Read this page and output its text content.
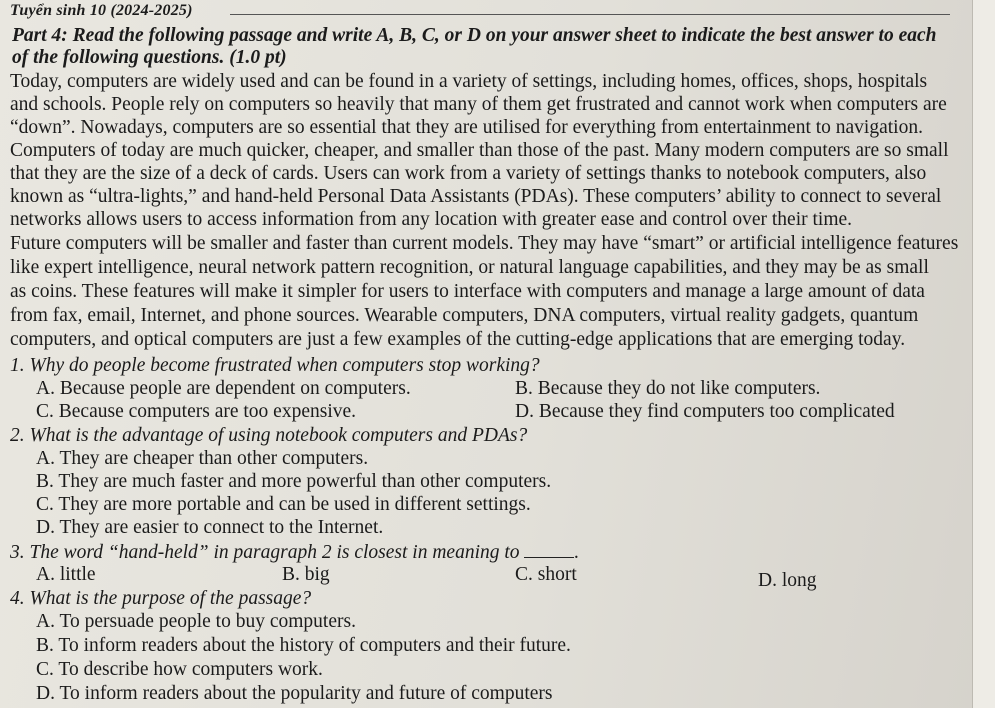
Tuyển sinh 10 (2024-2025)
Part 4: Read the following passage and write A, B, C, or D on your answer sheet to indicate the best answer to each
of the following questions. (1.0 pt)
Today, computers are widely used and can be found in a variety of settings, including homes, offices, shops, hospitals
and schools. People rely on computers so heavily that many of them get frustrated and cannot work when computers are
“down”. Nowadays, computers are so essential that they are utilised for everything from entertainment to navigation.
Computers of today are much quicker, cheaper, and smaller than those of the past. Many modern computers are so small
that they are the size of a deck of cards. Users can work from a variety of settings thanks to notebook computers, also
known as “ultra-lights,” and hand-held Personal Data Assistants (PDAs). These computers’ ability to connect to several
networks allows users to access information from any location with greater ease and control over their time.
Future computers will be smaller and faster than current models. They may have “smart” or artificial intelligence features
like expert intelligence, neural network pattern recognition, or natural language capabilities, and they may be as small
as coins. These features will make it simpler for users to interface with computers and manage a large amount of data
from fax, email, Internet, and phone sources. Wearable computers, DNA computers, virtual reality gadgets, quantum
computers, and optical computers are just a few examples of the cutting-edge applications that are emerging today.
1. Why do people become frustrated when computers stop working?
A. Because people are dependent on computers.	B. Because they do not like computers.
C. Because computers are too expensive.	D. Because they find computers too complicated
2. What is the advantage of using notebook computers and PDAs?
A. They are cheaper than other computers.
B. They are much faster and more powerful than other computers.
C. They are more portable and can be used in different settings.
D. They are easier to connect to the Internet.
3. The word “hand-held” in paragraph 2 is closest in meaning to	.
A. little	B. big	C. short	D. long
4. What is the purpose of the passage?
A. To persuade people to buy computers.
B. To inform readers about the history of computers and their future.
C. To describe how computers work.
D. To inform readers about the popularity and future of computers
